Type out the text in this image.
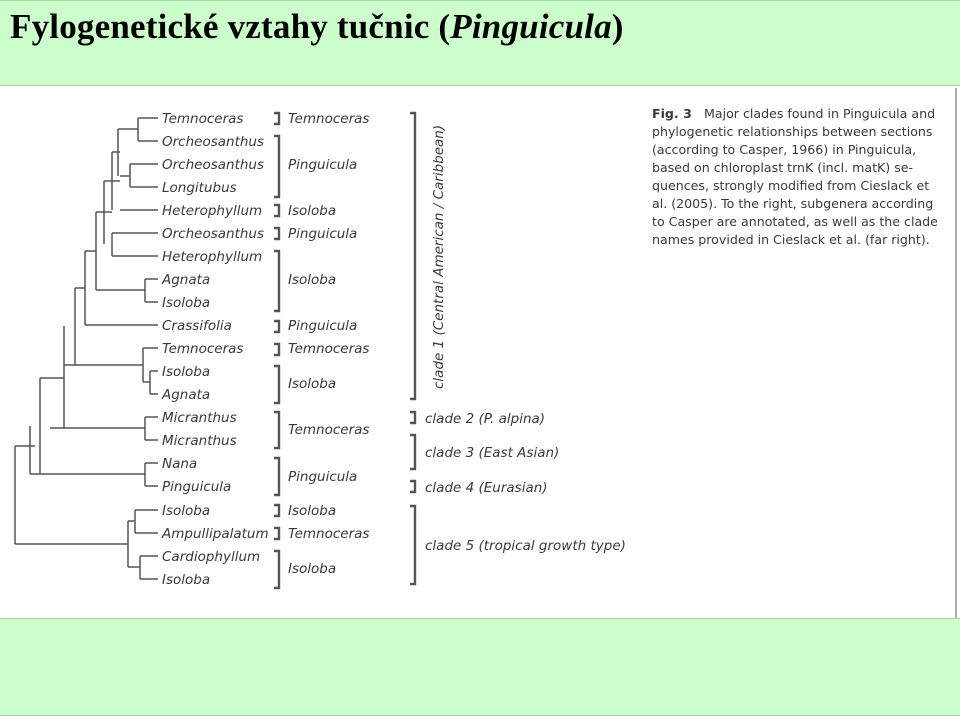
Fylogenetické vztahy tučnic (Pinguicula)
Temnoceras
Orcheosanthus
Orcheosanthus
Longitubus
Heterophyllum
Orcheosanthus
Heterophyllum
Agnata
Isoloba
Crassifolia
Temnoceras
Isoloba
Agnata
Micranthus
Micranthus
Nana
Pinguicula
Isoloba
Ampullipalatum
Cardiophyllum
Isoloba
Temnoceras
Pinguicula
Isoloba
Pinguicula
Isoloba
Pinguicula
Temnoceras
Isoloba
Temnoceras
Pinguicula
Isoloba
Temnoceras
Isoloba
clade 1 (Central American / Caribbean)
clade 2 (P. alpina)
clade 3 (East Asian)
clade 4 (Eurasian)
clade 5 (tropical growth type)
Fig. 3 Major clades found in Pinguicula and
phylogenetic relationships between sections
(according to Casper, 1966) in Pinguicula,
based on chloroplast trnK (incl. matK) se-
quences, strongly modified from Cieslack et
al. (2005). To the right, subgenera according
to Casper are annotated, as well as the clade
names provided in Cieslack et al. (far right).
